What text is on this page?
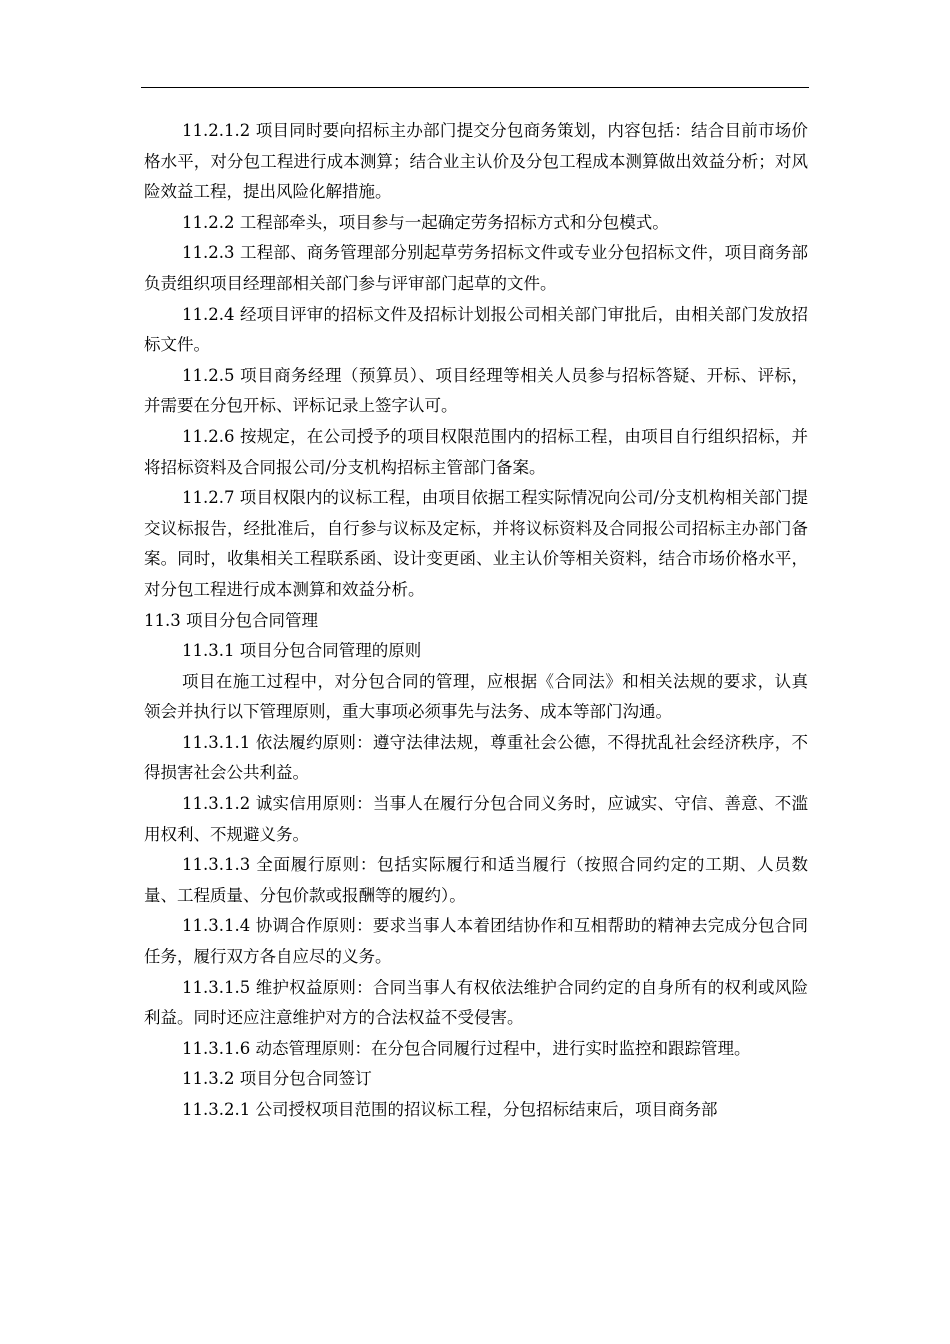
11.2.1.2 项目同时要向招标主办部门提交分包商务策划，内容包括：结合目前市场价格水平，对分包工程进行成本测算；结合业主认价及分包工程成本测算做出效益分析；对风险效益工程，提出风险化解措施。

11.2.2 工程部牵头，项目参与一起确定劳务招标方式和分包模式。

11.2.3 工程部、商务管理部分别起草劳务招标文件或专业分包招标文件，项目商务部负责组织项目经理部相关部门参与评审部门起草的文件。

11.2.4 经项目评审的招标文件及招标计划报公司相关部门审批后，由相关部门发放招标文件。

11.2.5 项目商务经理（预算员）、项目经理等相关人员参与招标答疑、开标、评标，并需要在分包开标、评标记录上签字认可。

11.2.6 按规定，在公司授予的项目权限范围内的招标工程，由项目自行组织招标，并将招标资料及合同报公司/分支机构招标主管部门备案。

11.2.7 项目权限内的议标工程，由项目依据工程实际情况向公司/分支机构相关部门提交议标报告，经批准后，自行参与议标及定标，并将议标资料及合同报公司招标主办部门备案。同时，收集相关工程联系函、设计变更函、业主认价等相关资料，结合市场价格水平，对分包工程进行成本测算和效益分析。

11.3 项目分包合同管理

11.3.1 项目分包合同管理的原则

项目在施工过程中，对分包合同的管理，应根据《合同法》和相关法规的要求，认真领会并执行以下管理原则，重大事项必须事先与法务、成本等部门沟通。

11.3.1.1 依法履约原则：遵守法律法规，尊重社会公德，不得扰乱社会经济秩序，不得损害社会公共利益。

11.3.1.2 诚实信用原则：当事人在履行分包合同义务时，应诚实、守信、善意、不滥用权利、不规避义务。

11.3.1.3 全面履行原则：包括实际履行和适当履行（按照合同约定的工期、人员数量、工程质量、分包价款或报酬等的履约）。

11.3.1.4 协调合作原则：要求当事人本着团结协作和互相帮助的精神去完成分包合同任务，履行双方各自应尽的义务。

11.3.1.5 维护权益原则：合同当事人有权依法维护合同约定的自身所有的权利或风险利益。同时还应注意维护对方的合法权益不受侵害。

11.3.1.6 动态管理原则：在分包合同履行过程中，进行实时监控和跟踪管理。

11.3.2 项目分包合同签订

11.3.2.1 公司授权项目范围的招议标工程，分包招标结束后，项目商务部
